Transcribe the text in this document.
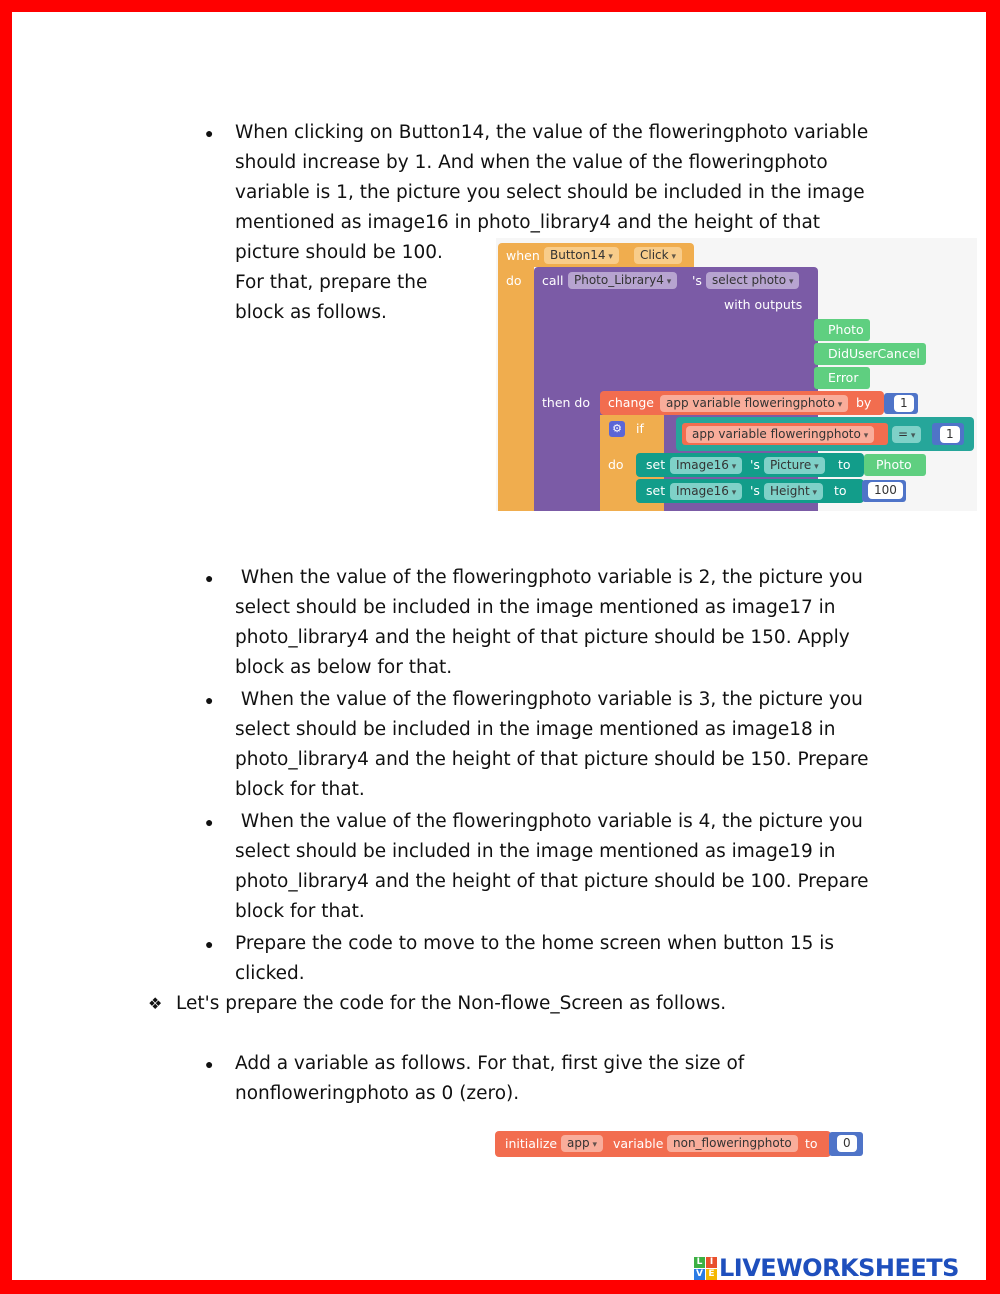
● When clicking on Button14, the value of the floweringphoto variable
should increase by 1. And when the value of the floweringphoto
variable is 1, the picture you select should be included in the image
mentioned as image16 in photo_library4 and the height of that
picture should be 100.
For that, prepare the
block as follows.
when Button14 ▾	Click ▾
do call Photo_Library4 ▾	's select photo ▾
with outputs
Photo
DidUserCancel
Error
then do change app variable floweringphoto ▾	by	1
⚙ if
do
app variable floweringphoto ▾	= ▾	1
set Image16 ▾	's Picture ▾	to Photo
set Image16 ▾	's Height ▾	to	100
● When the value of the floweringphoto variable is 2, the picture you
select should be included in the image mentioned as image17 in
photo_library4 and the height of that picture should be 150. Apply
block as below for that.
● When the value of the floweringphoto variable is 3, the picture you
select should be included in the image mentioned as image18 in
photo_library4 and the height of that picture should be 150. Prepare
block for that.
● When the value of the floweringphoto variable is 4, the picture you
select should be included in the image mentioned as image19 in
photo_library4 and the height of that picture should be 100. Prepare
block for that.
● Prepare the code to move to the home screen when button 15 is
clicked.
❖ Let's prepare the code for the Non-flowe_Screen as follows.
● Add a variable as follows. For that, first give the size of
nonfloweringphoto as 0 (zero).
initialize app ▾	variable non_floweringphoto	to	0
L I
V E LIVEWORKSHEETS
